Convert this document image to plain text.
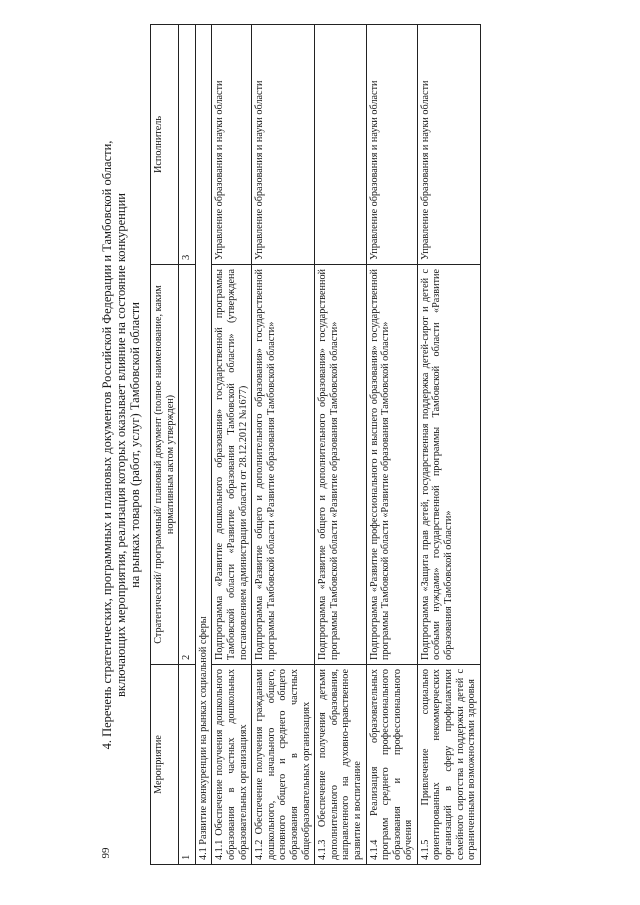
99
4. Перечень стратегических, программных и плановых документов Российской Федерации и Тамбовской области, включающих мероприятия, реализация которых оказывает влияние на состояние конкуренции на рынках товаров (работ, услуг) Тамбовской области
Мероприятие	Стратегический/ программный/ плановый документ (полное наименование, каким нормативным актом утвержден)	Исполнитель
1	2	3
4.1 Развитие конкуренции на рынках социальной сферы		
4.1.1 Обеспечение получения дошкольного образования в частных дошкольных образовательных организациях	Подпрограмма «Развитие дошкольного образования» государственной программы Тамбовской области «Развитие образования Тамбовской области» (утверждена постановлением администрации области от 28.12.2012 №1677)	Управление образования и науки области
4.1.2 Обеспечение получения гражданами дошкольного, начального общего, основного общего и среднего общего образования в частных общеобразовательных организациях	Подпрограмма «Развитие общего и дополнительного образования» государственной программы Тамбовской области «Развитие образования Тамбовской области»	Управление образования и науки области
4.1.3 Обеспечение получения детьми дополнительного образования, направленного на духовно-нравственное развитие и воспитание	Подпрограмма «Развитие общего и дополнительного образования» государственной программы Тамбовской области «Развитие образования Тамбовской области»	
4.1.4 Реализация образовательных программ среднего профессионального образования и профессионального обучения	Подпрограмма «Развитие профессионального и высшего образования» государственной программы Тамбовской области «Развитие образования Тамбовской области»	Управление образования и науки области
4.1.5 Привлечение социально ориентированных некоммерческих организаций в сферу профилактики семейного сиротства и поддержки детей с ограниченными возможностями здоровья	Подпрограмма «Защита прав детей, государственная поддержка детей-сирот и детей с особыми нуждами» государственной программы Тамбовской области «Развитие образования Тамбовской области»	Управление образования и науки области
